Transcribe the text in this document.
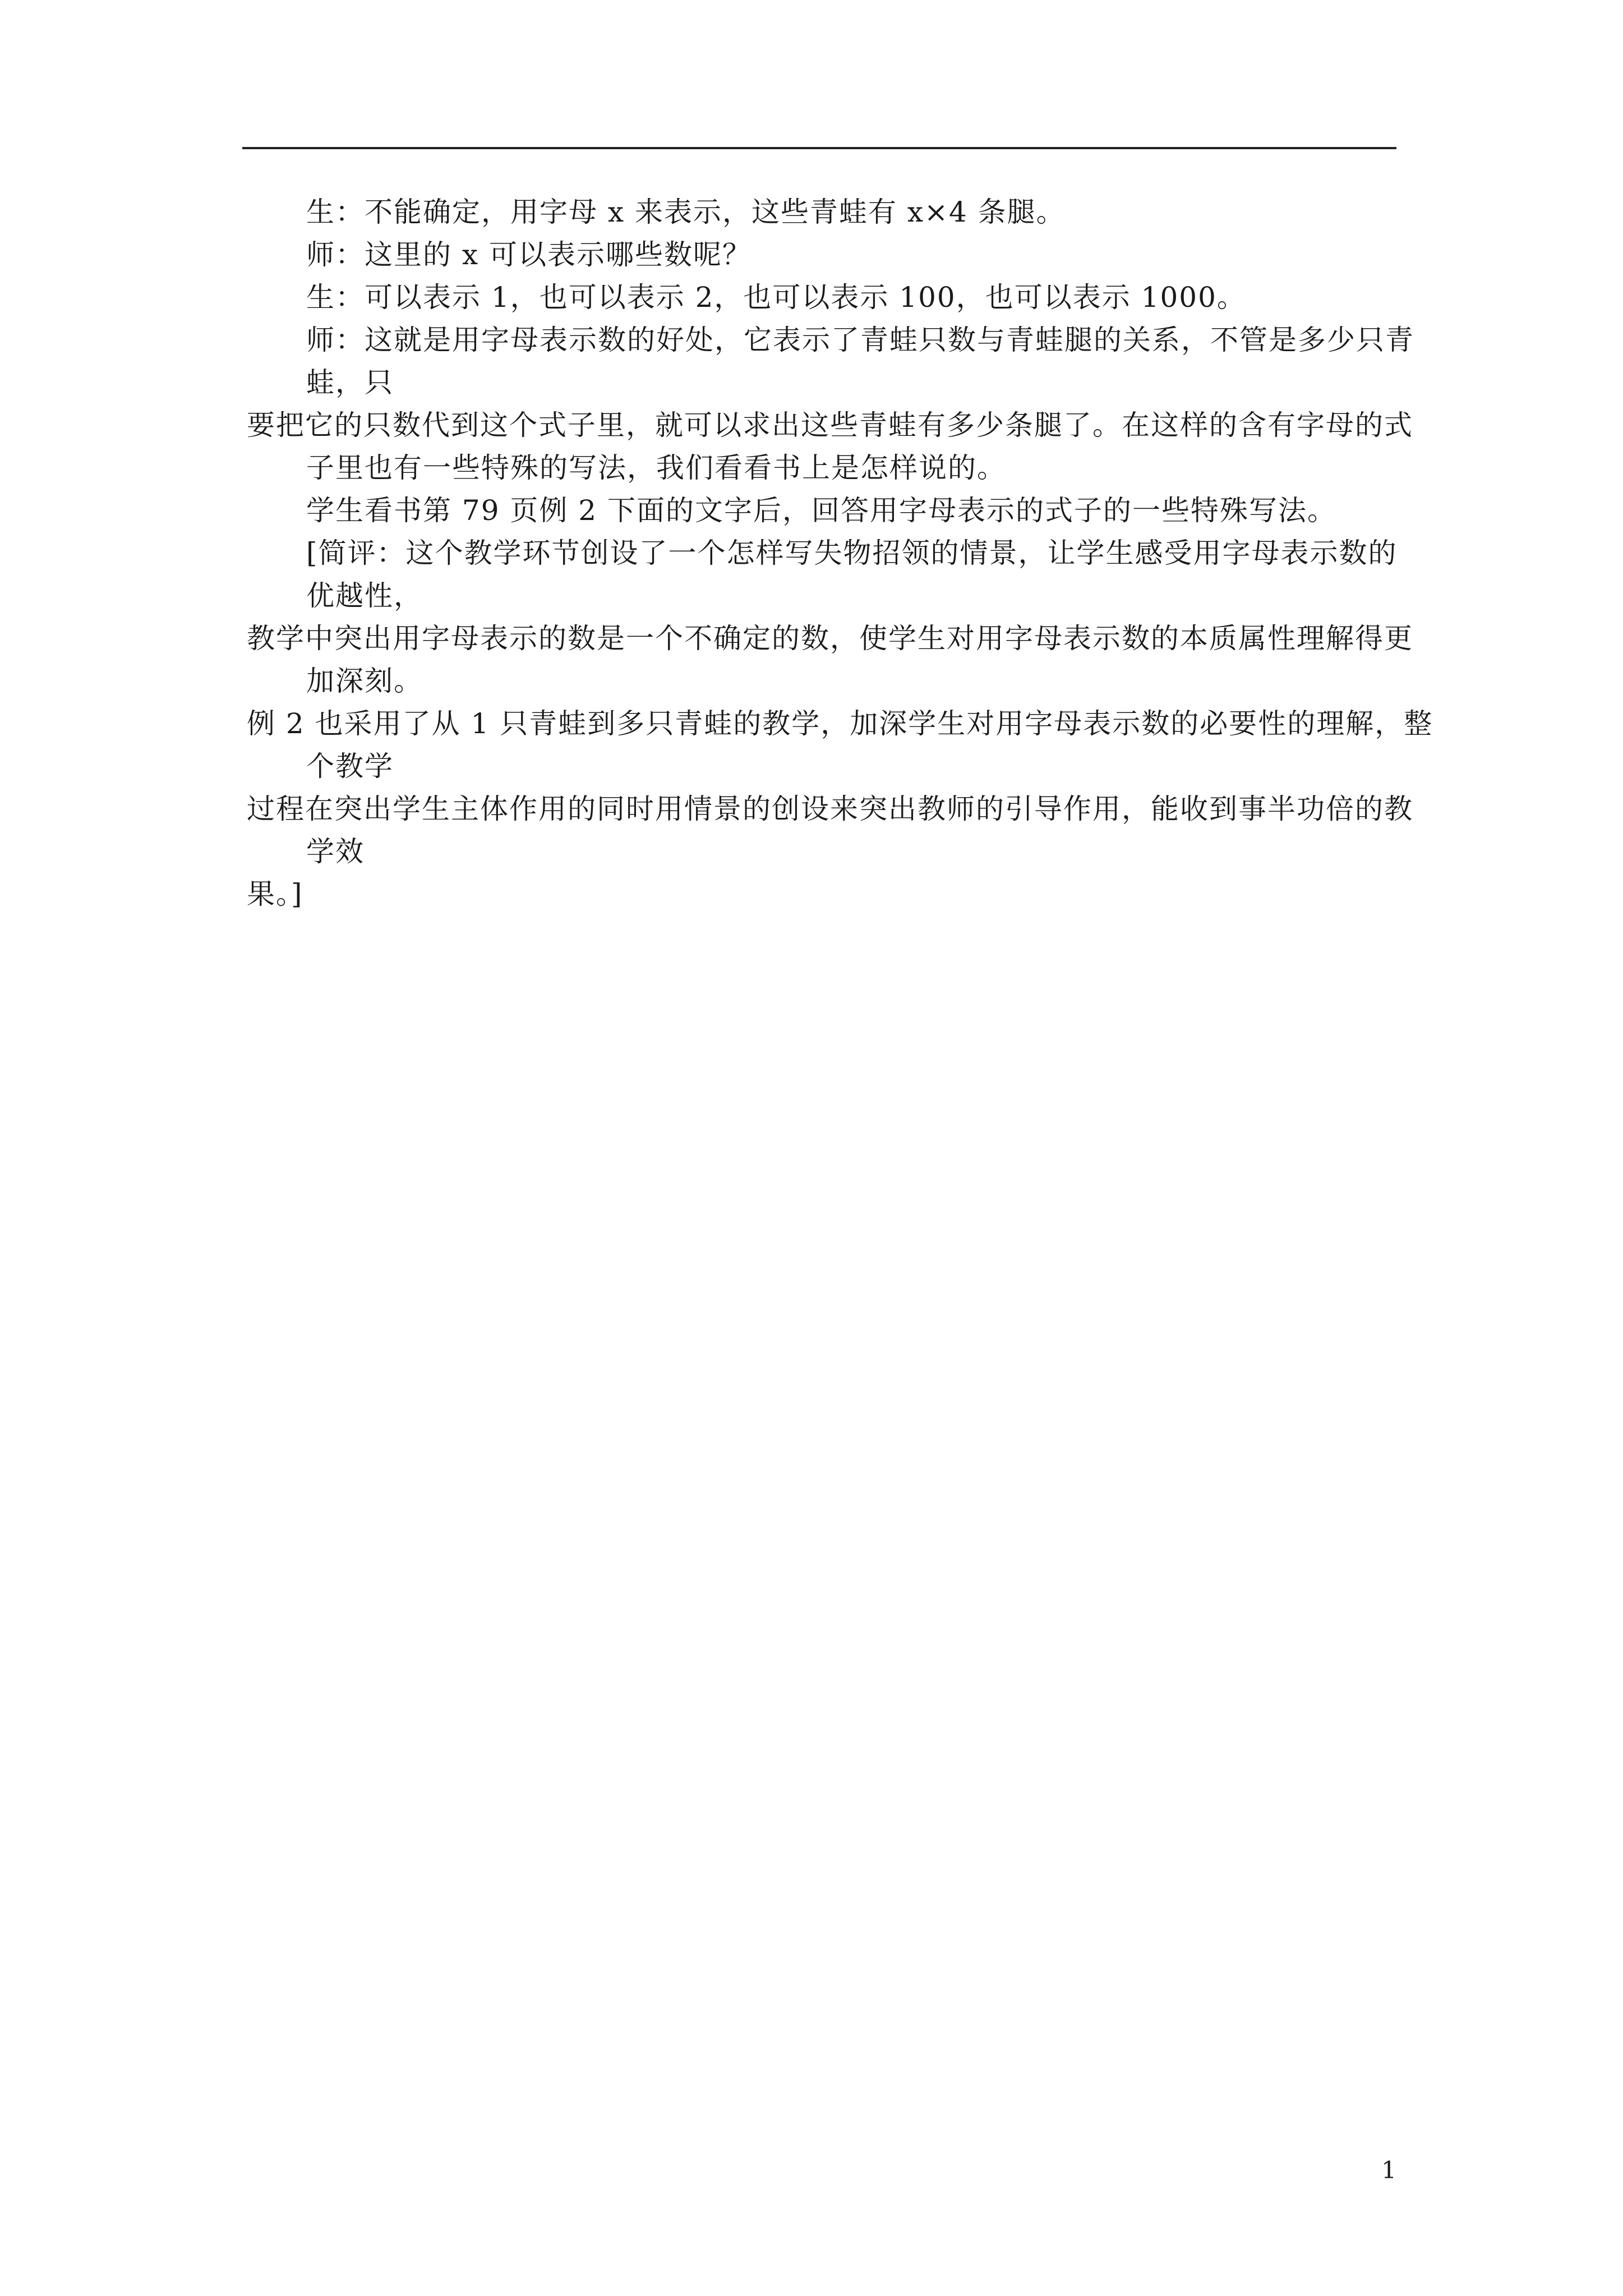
生：不能确定，用字母 x 来表示，这些青蛙有 x×4 条腿。
师：这里的 x 可以表示哪些数呢？
生：可以表示 1，也可以表示 2，也可以表示 100，也可以表示 1000。
师：这就是用字母表示数的好处，它表示了青蛙只数与青蛙腿的关系，不管是多少只青
蛙，只
要把它的只数代到这个式子里，就可以求出这些青蛙有多少条腿了。在这样的含有字母的式
子里也有一些特殊的写法，我们看看书上是怎样说的。
学生看书第 79 页例 2 下面的文字后，回答用字母表示的式子的一些特殊写法。
[简评：这个教学环节创设了一个怎样写失物招领的情景，让学生感受用字母表示数的
优越性，
教学中突出用字母表示的数是一个不确定的数，使学生对用字母表示数的本质属性理解得更
加深刻。
例 2 也采用了从 1 只青蛙到多只青蛙的教学，加深学生对用字母表示数的必要性的理解，整
个教学
过程在突出学生主体作用的同时用情景的创设来突出教师的引导作用，能收到事半功倍的教
学效
果。]
1
